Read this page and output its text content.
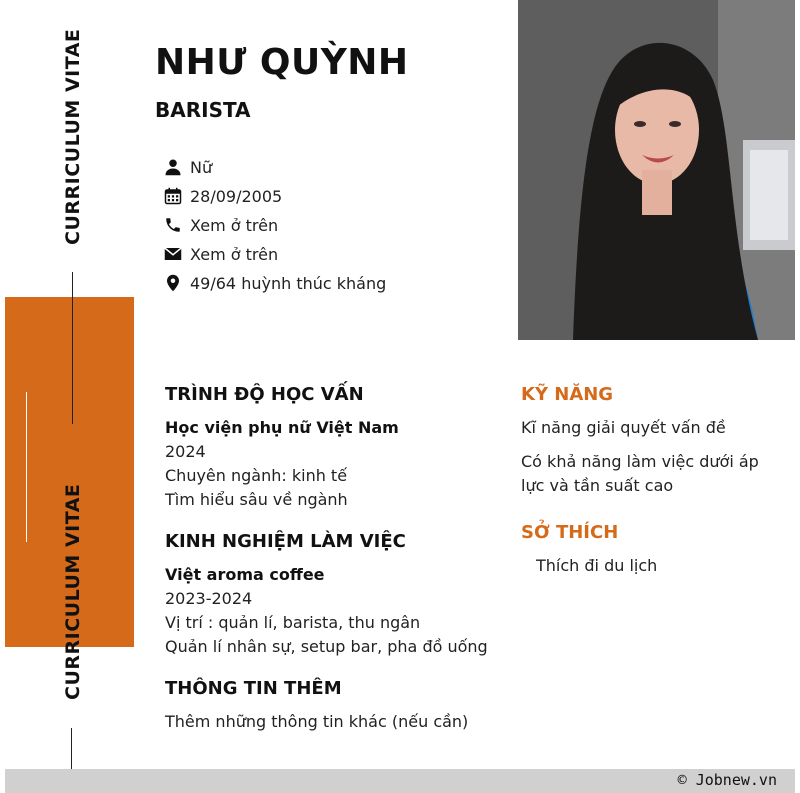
CURRICULUM VITAE
CURRICULUM VITAE
NHƯ QUỲNH
BARISTA
Nữ
28/09/2005
Xem ở trên
Xem ở trên
49/64 huỳnh thúc kháng
TRÌNH ĐỘ HỌC VẤN
Học viện phụ nữ Việt Nam
2024
Chuyên ngành: kinh tế
Tìm hiểu sâu về ngành
KINH NGHIỆM LÀM VIỆC
Việt aroma coffee
2023-2024
Vị trí : quản lí, barista, thu ngân
Quản lí nhân sự, setup bar, pha đồ uống
THÔNG TIN THÊM
Thêm những thông tin khác (nếu cần)
KỸ NĂNG
Kĩ năng giải quyết vấn đề
Có khả năng làm việc dưới áp
lực và tần suất cao
SỞ THÍCH
Thích đi du lịch
© Jobnew.vn
